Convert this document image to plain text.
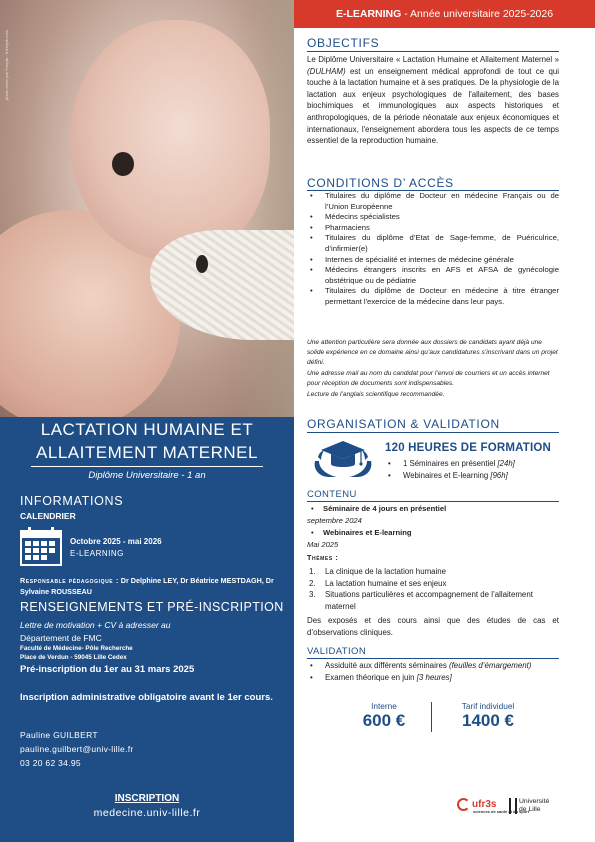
photo créée par Freepik - fr.freepik.com
LACTATION HUMAINE ET
ALLAITEMENT MATERNEL
Diplôme Universitaire - 1 an
INFORMATIONS
CALENDRIER
Octobre 2025 - mai 2026
E-LEARNING
Responsable pédagogique : Dr Delphine LEY, Dr Béatrice MESTDAGH, Dr Sylvaine ROUSSEAU
RENSEIGNEMENTS ET PRÉ-INSCRIPTION
Lettre de motivation + CV à adresser au
Département de FMC
Faculté de Médecine- Pôle Recherche
Place de Verdun - 59045 Lille Cedex
Pré-inscription du 1er au 31 mars 2025
Inscription administrative obligatoire avant le 1er cours.
Pauline GUILBERT
pauline.guilbert@univ-lille.fr
03 20 62 34.95
INSCRIPTION
medecine.univ-lille.fr
E-LEARNING - Année universitaire 2025-2026
OBJECTIFS
Le Diplôme Universitaire « Lactation Humaine et Allaitement Maternel » (DULHAM) est un enseignement médical approfondi de tout ce qui touche à la lactation humaine et à ses pratiques. De la physiologie de la lactation aux enjeux psychologiques de l'allaitement, des bases biochimiques et immunologiques aux aspects historiques et anthropologiques, de la période néonatale aux enjeux économiques et internationaux, l'enseignement abordera tous les aspects de ce temps essentiel de la reproduction humaine.
CONDITIONS D’ ACCÈS
• Titulaires du diplôme de Docteur en médecine Français ou de l’Union Européenne
• Médecins spécialistes
• Pharmaciens
• Titulaires du diplôme d’Etat de Sage-femme, de Puériculrice, d’infirmier(e)
• Internes de spécialité et internes de médecine générale
• Médecins étrangers inscrits en AFS et AFSA de gynécologie obstétrique ou de pédiatrie
• Titulaires du diplôme de Docteur en médecine à titre étranger permettant l'exercice de la médecine dans leur pays.

Une attention particulière sera donnée aux dossiers de candidats ayant déjà une solide expérience en ce domaine ainsi qu’aux candidatures s’inscrivant dans un projet défini.

Une adresse mail au nom du candidat pour l’envoi de courriers et un accès internet pour réception de documents sont indispensables.

Lecture de l’anglais scientifique recommandée.

ORGANISATION & VALIDATION
120 HEURES DE FORMATION
• 1 Séminaires en présentiel [24h]
• Webinaires et E-learning [96h]
CONTENU
• Séminaire de 4 jours en présentiel
septembre 2024
• Webinaires et E-learning
Mai 2025
Thèmes :
1. La clinique de la lactation humaine
2. La lactation humaine et ses enjeux
3. Situations particulières et accompagnement de l’allaitement maternel
Des exposés et des cours ainsi que des études de cas et d’observations cliniques.
VALIDATION
• Assiduité aux différents séminaires (feuilles d’émargement)
• Examen théorique en juin [3 heures]
Interne
600 €
Tarif individuel
1400 €
ufr3s
sciences de santé et du sport
Université
de Lille
